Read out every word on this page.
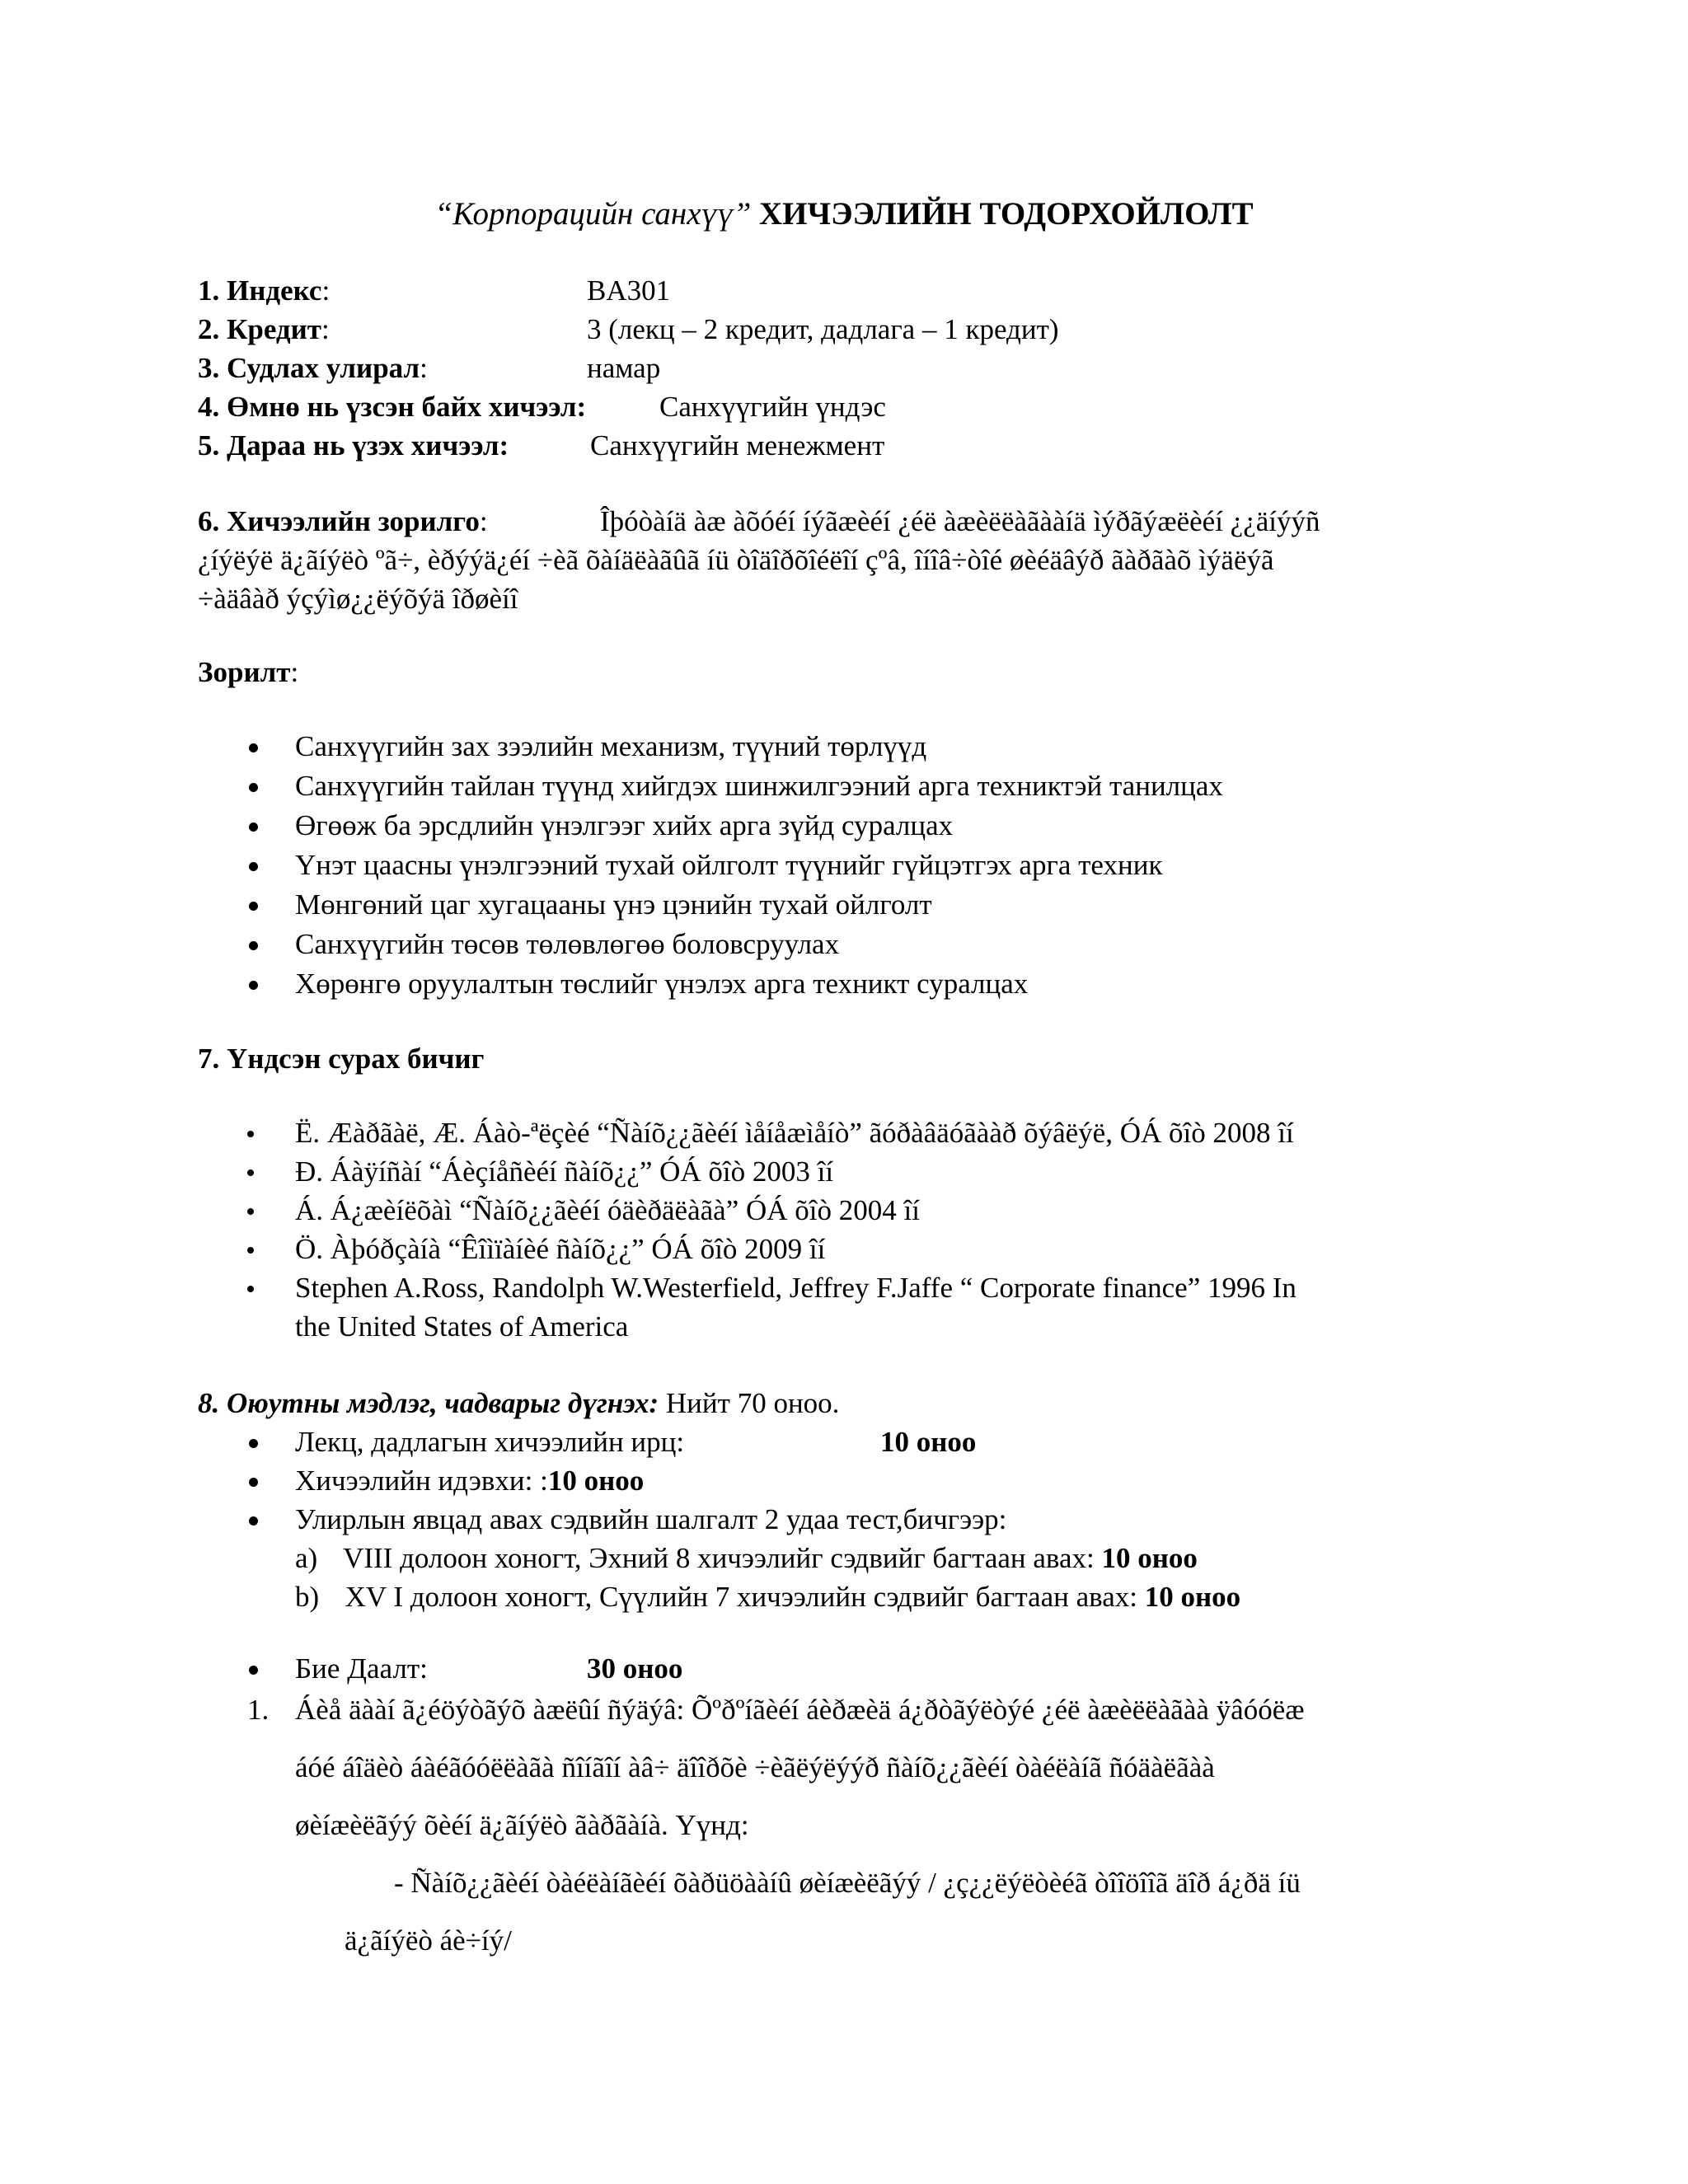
“Корпорацийн санхүү” ХИЧЭЭЛИЙН ТОДОРХОЙЛОЛТ
1. Индекс:	BA301
2. Кредит:	3 (лекц – 2 кредит, дадлага – 1 кредит)
3. Судлах улирал:	намар
4. Өмнө нь үзсэн байх хичээл:	Санхүүгийн үндэс
5. Дараа нь үзэх хичээл:	Санхүүгийн менежмент
6. Хичээлийн зорилго:	Îþóòàíä àæ àõóéí íýãæèéí ¿éë àæèëëàãààíä ìýðãýæëèéí ¿¿äíýýñ
¿íýëýë ä¿ãíýëò ºã÷, èðýýä¿éí ÷èã õàíäëàãûã íü òîäîðõîéëîí çºâ, îíîâ÷òîé øèéäâýð ãàðãàõ ìýäëýã
÷àäâàð ýçýìø¿¿ëýõýä îðøèíî
Зорилт:
Санхүүгийн зах зээлийн механизм, түүний төрлүүд
Санхүүгийн тайлан түүнд хийгдэх шинжилгээний арга техниктэй танилцах
Өгөөж ба эрсдлийн үнэлгээг хийх арга зүйд суралцах
Үнэт цаасны үнэлгээний тухай ойлголт түүнийг гүйцэтгэх арга техник
Мөнгөний цаг хугацааны үнэ цэнийн тухай ойлголт
Санхүүгийн төсөв төлөвлөгөө боловсруулах
Хөрөнгө оруулалтын төслийг үнэлэх арга техникт суралцах
7. Үндсэн сурах бичиг
Ë. Æàðãàë, Æ. Áàò-ªëçèé “Ñàíõ¿¿ãèéí ìåíåæìåíò” ãóðàâäóãààð õýâëýë, ÓÁ õîò 2008 îí
Ð. Áàÿíñàí “Áèçíåñèéí ñàíõ¿¿” ÓÁ õîò 2003 îí
Á. Á¿æèíëõàì “Ñàíõ¿¿ãèéí óäèðäëàãà” ÓÁ õîò 2004 îí
Ö. Àþóðçàíà “Êîìïàíèé ñàíõ¿¿” ÓÁ õîò 2009 îí
Stephen A.Ross, Randolph W.Westerfield, Jeffrey F.Jaffe “ Corporate finance” 1996 In
the United States of America
8. Оюутны мэдлэг, чадварыг дүгнэх: Нийт 70 оноо.
Лекц, дадлагын хичээлийн ирц:	10 оноо
Хичээлийн идэвхи: :10 оноо
Улирлын явцад авах сэдвийн шалгалт 2 удаа тест,бичгээр:
a) VIII долоон хоногт, Эхний 8 хичээлийг сэдвийг багтаан авах: 10 оноо
b) XV I долоон хоногт, Сүүлийн 7 хичээлийн сэдвийг багтаан авах: 10 оноо
Бие Даалт:	30 оноо
1. Áèå äààí ã¿éöýòãýõ àæëûí ñýäýâ: Õºðºíãèéí áèðæèä á¿ðòãýëòýé ¿éë àæèëëàãàà ÿâóóëæ
áóé áîäèò áàéãóóëëàãà ñîíãîí àâ÷ äîîðõè ÷èãëýëýýð ñàíõ¿¿ãèéí òàéëàíã ñóäàëãàà
øèíæèëãýý õèéí ä¿ãíýëò ãàðãàíà. Үүнд:
- Ñàíõ¿¿ãèéí òàéëàíãèéí õàðüöààíû øèíæèëãýý / ¿ç¿¿ëýëòèéã òîîöîîã äîð á¿ðä íü
ä¿ãíýëò áè÷íý/
